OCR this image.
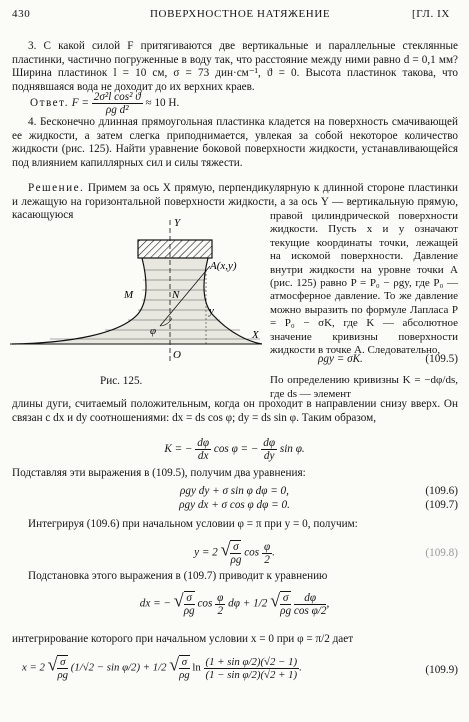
430	ПОВЕРХНОСТНОЕ НАТЯЖЕНИЕ	[ГЛ. IX
3. С какой силой F притягиваются две вертикальные и параллельные стеклянные пластинки, частично погруженные в воду так, что расстояние между ними равно d = 0,1 мм? Ширина пластинок l = 10 см, σ = 73 дин·см⁻¹, ϑ = 0. Высота пластинок такова, что поднявшаяся вода не доходит до их верхних краев.
Ответ. $F = \frac{\text{2σ²l cos² ϑ}}{\text{ρg d²}} \approx 10$ Н.
4. Бесконечно длинная прямоугольная пластинка кладется на поверхность смачивающей ее жидкости, а затем слегка приподнимается, увлекая за собой некоторое количество жидкости (рис. 125). Найти уравнение боковой поверхности жидкости, устанавливающейся под влиянием капиллярных сил и силы тяжести.
Решение. Примем за ось X прямую, перпендикулярную к длинной стороне пластинки и лежащую на горизонтальной поверхности жидкости, а за ось Y — вертикальную прямую, касающуюся
Y
X
A(x,y)
M	N
φ
O
y
Рис. 125.
правой цилиндрической поверхности жидкости. Пусть x и y означают текущие координаты точки, лежащей на искомой поверхности. Давление внутри жидкости на уровне точки A (рис. 125) равно P = P₀ − ρgy, где P₀ — атмосферное давление. То же давление можно выразить по формуле Лапласа P = P₀ − σK, где K — абсолютное значение кривизны поверхности жидкости в точке A. Следовательно,
ρgy = σK.	(109.5)
По определению кривизны K = −dφ/ds, где ds — элемент
длины дуги, считаемый положительным, когда он проходит в направлении снизу вверх. Он связан с dx и dy соотношениями: dx = ds cos φ; dy = ds sin φ. Таким образом,
K = − $\frac{d\varphi}{dx}$ cos φ = − $\frac{d\varphi}{dy}$ sin φ.
Подставляя эти выражения в (109.5), получим два уравнения:
ρgy dy + σ sin φ dφ = 0,	(109.6)
ρgy dx + σ cos φ dφ = 0.	(109.7)
Интегрируя (109.6) при начальном условии φ = π при y = 0, получим:
y = 2 √ $\frac{\sigma}{\rho g}$ $\cos \frac{\varphi}{2}$ .	(109.8)
Подстановка этого выражения в (109.7) приводит к уравнению
dx = − √ $\frac{\sigma}{\rho g}$ $\cos \frac{\varphi}{2}$ dφ + 1/2 √ $\frac{\sigma}{\rho g}$
$\frac{d\varphi}{\text{cos φ/2}}$ ,
интегрирование которого при начальном условии x = 0 при φ = π/2 дает
x = 2 √ $\frac{\sigma}{\rho g} (1/√2 - \sin \varphi/2) + 1/2$ √ $\frac{\sigma}{\rho g}$ $\ln \frac{\text{(1 + sin φ/2)(√2 − 1)}}{\text{(1 − sin φ/2)(√2 + 1)}}$ .	(109.9)
